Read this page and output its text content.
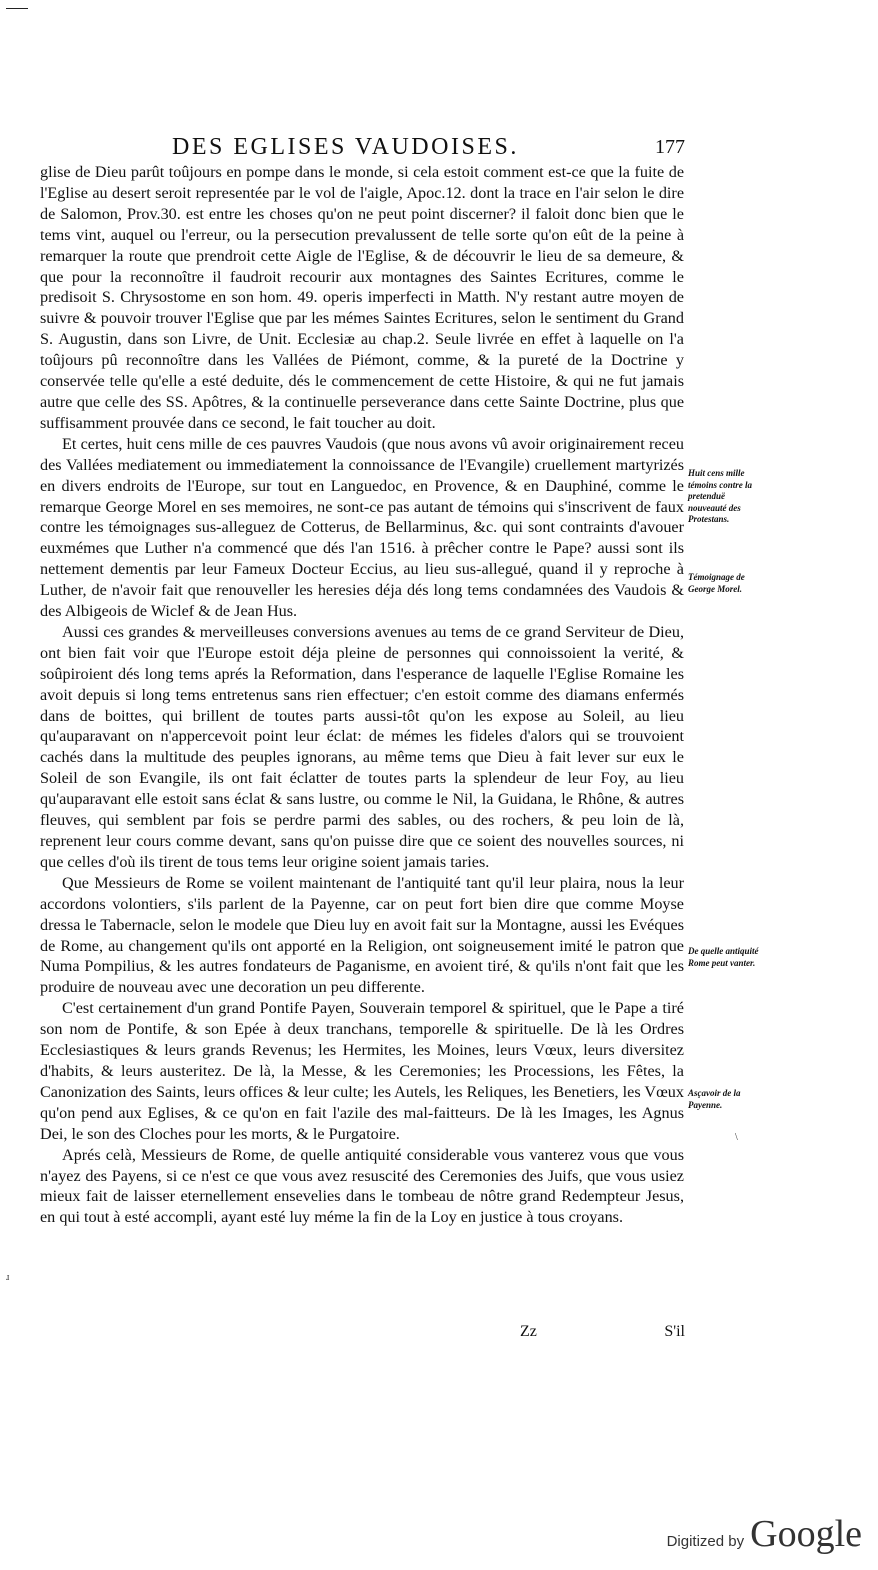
DES EGLISES VAUDOISES.	177

glise de Dieu parût toûjours en pompe dans le monde, si cela estoit comment est-ce que la fuite de l'Eglise au desert seroit representée par le vol de l'aigle, Apoc.12. dont la trace en l'air selon le dire de Salomon, Prov.30. est entre les choses qu'on ne peut point discerner? il faloit donc bien que le tems vint, auquel ou l'erreur, ou la persecution prevalussent de telle sorte qu'on eût de la peine à remarquer la route que prendroit cette Aigle de l'Eglise, & de découvrir le lieu de sa demeure, & que pour la reconnoître il faudroit recourir aux montagnes des Saintes Ecritures, comme le predisoit S. Chrysostome en son hom. 49. operis imperfecti in Matth. N'y restant autre moyen de suivre & pouvoir trouver l'Eglise que par les mémes Saintes Ecritures, selon le sentiment du Grand S. Augustin, dans son Livre, de Unit. Ecclesiæ au chap.2. Seule livrée en effet à laquelle on l'a toûjours pû reconnoître dans les Vallées de Piémont, comme, & la pureté de la Doctrine y conservée telle qu'elle a esté deduite, dés le commencement de cette Histoire, & qui ne fut jamais autre que celle des SS. Apôtres, & la continuelle perseverance dans cette Sainte Doctrine, plus que suffisamment prouvée dans ce second, le fait toucher au doit.

Et certes, huit cens mille de ces pauvres Vaudois (que nous avons vû avoir originairement receu des Vallées mediatement ou immediatement la connoissance de l'Evangile) cruellement martyrizés en divers endroits de l'Europe, sur tout en Languedoc, en Provence, & en Dauphiné, comme le remarque George Morel en ses memoires, ne sont-ce pas autant de témoins qui s'inscrivent de faux contre les témoignages sus-alleguez de Cotterus, de Bellarminus, &c. qui sont contraints d'avouer euxmémes que Luther n'a commencé que dés l'an 1516. à prêcher contre le Pape? aussi sont ils nettement dementis par leur Fameux Docteur Eccius, au lieu sus-allegué, quand il y reproche à Luther, de n'avoir fait que renouveller les heresies déja dés long tems condamnées des Vaudois & des Albigeois de Wiclef & de Jean Hus.

Aussi ces grandes & merveilleuses conversions avenues au tems de ce grand Serviteur de Dieu, ont bien fait voir que l'Europe estoit déja pleine de personnes qui connoissoient la verité, & soûpiroient dés long tems aprés la Reformation, dans l'esperance de laquelle l'Eglise Romaine les avoit depuis si long tems entretenus sans rien effectuer; c'en estoit comme des diamans enfermés dans de boittes, qui brillent de toutes parts aussi-tôt qu'on les expose au Soleil, au lieu qu'auparavant on n'appercevoit point leur éclat: de mémes les fideles d'alors qui se trouvoient cachés dans la multitude des peuples ignorans, au même tems que Dieu à fait lever sur eux le Soleil de son Evangile, ils ont fait éclatter de toutes parts la splendeur de leur Foy, au lieu qu'auparavant elle estoit sans éclat & sans lustre, ou comme le Nil, la Guidana, le Rhône, & autres fleuves, qui semblent par fois se perdre parmi des sables, ou des rochers, & peu loin de là, reprenent leur cours comme devant, sans qu'on puisse dire que ce soient des nouvelles sources, ni que celles d'où ils tirent de tous tems leur origine soient jamais taries.

Que Messieurs de Rome se voilent maintenant de l'antiquité tant qu'il leur plaira, nous la leur accordons volontiers, s'ils parlent de la Payenne, car on peut fort bien dire que comme Moyse dressa le Tabernacle, selon le modele que Dieu luy en avoit fait sur la Montagne, aussi les Evéques de Rome, au changement qu'ils ont apporté en la Religion, ont soigneusement imité le patron que Numa Pompilius, & les autres fondateurs de Paganisme, en avoient tiré, & qu'ils n'ont fait que les produire de nouveau avec une decoration un peu differente.

C'est certainement d'un grand Pontife Payen, Souverain temporel & spirituel, que le Pape a tiré son nom de Pontife, & son Epée à deux tranchans, temporelle & spirituelle. De là les Ordres Ecclesiastiques & leurs grands Revenus; les Hermites, les Moines, leurs Vœux, leurs diversitez d'habits, & leurs austeritez. De là, la Messe, & les Ceremonies; les Processions, les Fêtes, la Canonization des Saints, leurs offices & leur culte; les Autels, les Reliques, les Benetiers, les Vœux qu'on pend aux Eglises, & ce qu'on en fait l'azile des mal-faitteurs. De là les Images, les Agnus Dei, le son des Cloches pour les morts, & le Purgatoire.

Aprés celà, Messieurs de Rome, de quelle antiquité considerable vous vanterez vous que vous n'ayez des Payens, si ce n'est ce que vous avez resuscité des Ceremonies des Juifs, que vous usiez mieux fait de laisser eternellement ensevelies dans le tombeau de nôtre grand Redempteur Jesus, en qui tout à esté accompli, ayant esté luy méme la fin de la Loy en justice à tous croyans.

Zz	S'il
Huit cens mille témoins contre la pretenduë nouveauté des Protestans.
Témoignage de George Morel.
De quelle antiquité Rome peut vanter.
Asçavoir de la Payenne.
\
ɹ
Digitized by Google
